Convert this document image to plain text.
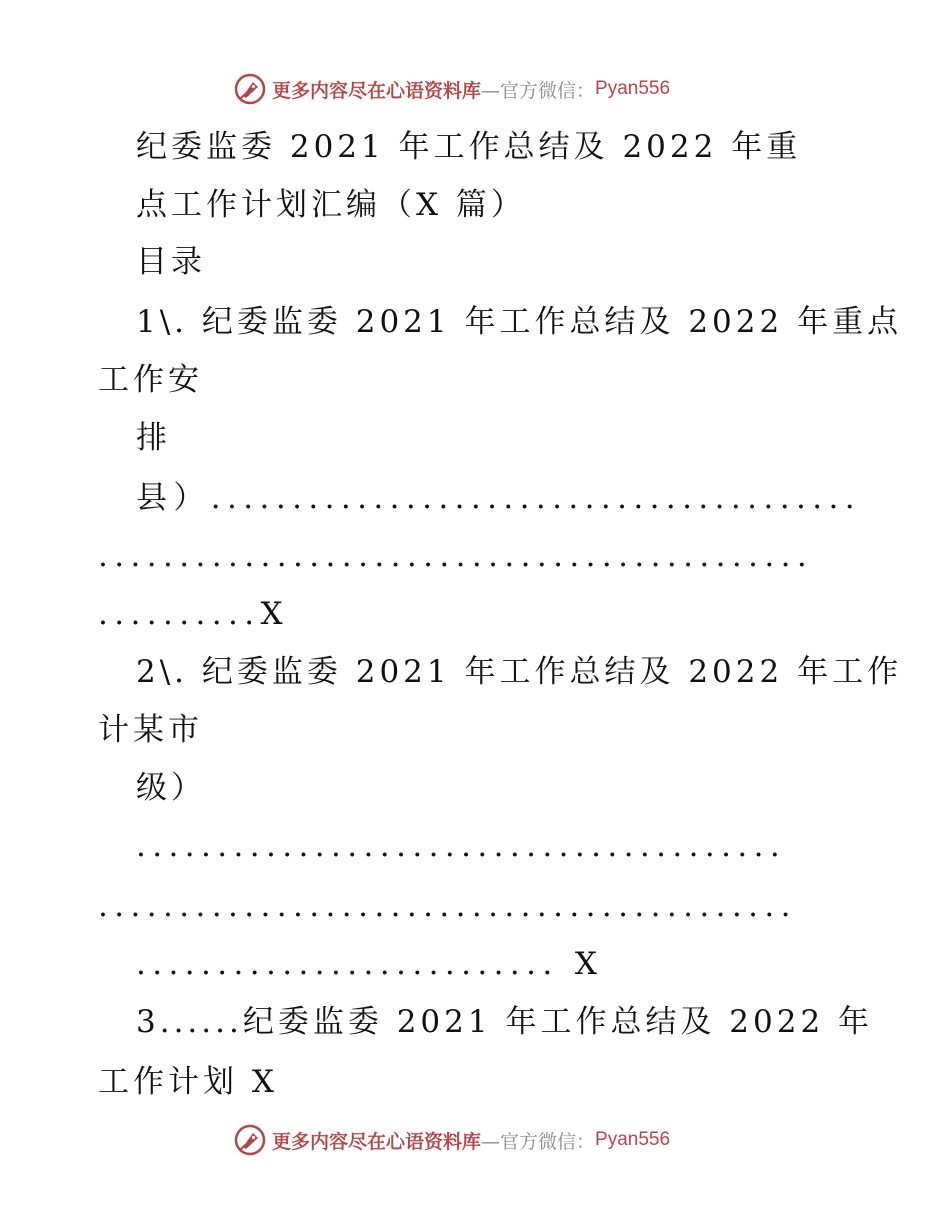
更多内容尽在心语资料库 —官方微信： Pyan556
纪委监委 2021 年工作总结及 2022 年重
点工作计划汇编（X 篇）
目录
1\. 纪委监委 2021 年工作总结及 2022 年重点
工作安
排
县）........................................
............................................
..........X
2\. 纪委监委 2021 年工作总结及 2022 年工作
计某市
级）
........................................
...........................................
.......................... X
3......纪委监委 2021 年工作总结及 2022 年
工作计划 X
更多内容尽在心语资料库 —官方微信： Pyan556
